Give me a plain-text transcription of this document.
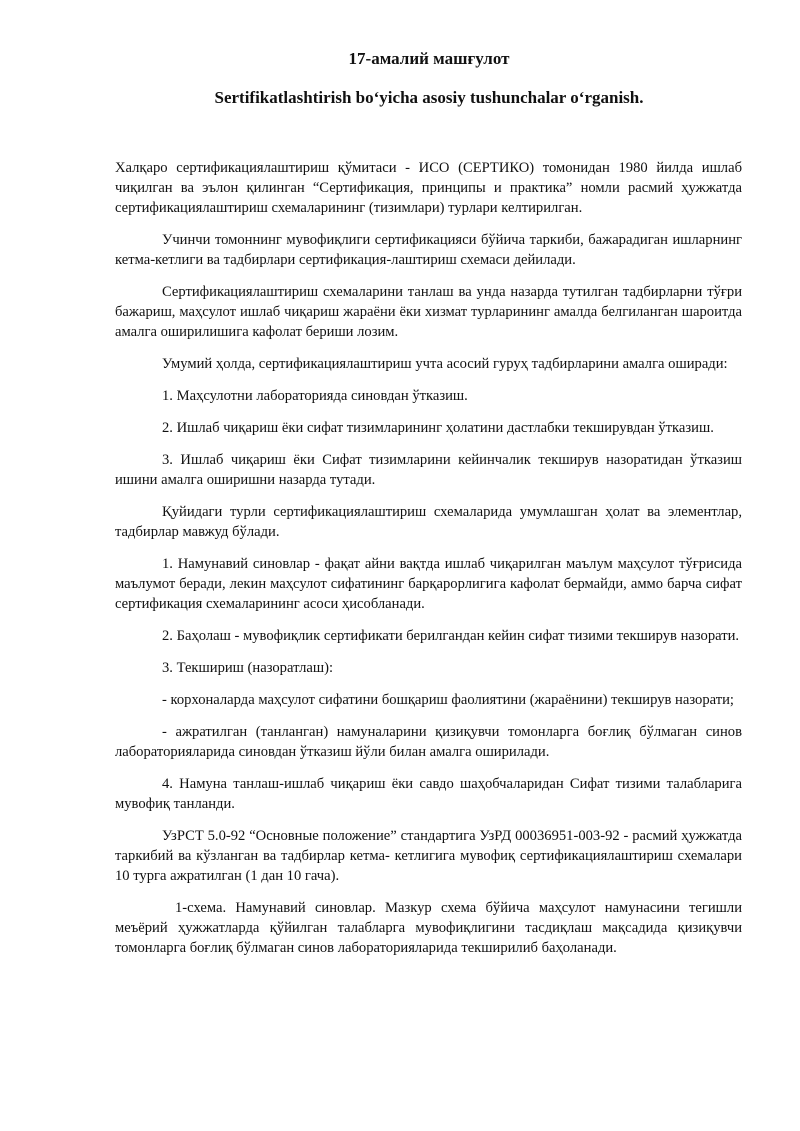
17-амалий машғулот
Sertifikatlashtirish boʻyicha asosiy tushunchalar oʻrganish.

Халқаро сертификациялаштириш қўмитаси - ИСО (СЕРТИКО) томонидан 1980 йилда ишлаб чиқилган ва эълон қилинган “Сертификация, принципы и практика” номли расмий ҳужжатда сертификациялаштириш схемаларининг (тизимлари) турлари келтирилган.

Учинчи томоннинг мувофиқлиги сертификацияси бўйича таркиби, бажарадиган ишларнинг кетма-кетлиги ва тадбирлари сертификация-лаштириш схемаси дейилади.

Сертификациялаштириш схемаларини танлаш ва унда назарда тутилган тадбирларни тўғри бажариш, маҳсулот ишлаб чиқариш жараёни ёки хизмат турларининг амалда белгиланган шароитда амалга оширилишига кафолат бериши лозим.

Умумий ҳолда, сертификациялаштириш учта асосий гуруҳ тадбирларини амалга оширади:

1. Маҳсулотни лабораторияда синовдан ўтказиш.

2. Ишлаб чиқариш ёки сифат тизимларининг ҳолатини дастлабки текширувдан ўтказиш.

3. Ишлаб чиқариш ёки Сифат тизимларини кейинчалик текширув назоратидан ўтказиш ишини амалга оширишни назарда тутади.

Қуйидаги турли сертификациялаштириш схемаларида умумлашган ҳолат ва элементлар, тадбирлар мавжуд бўлади.

1. Намунавий синовлар - фақат айни вақтда ишлаб чиқарилган маълум маҳсулот тўғрисида маълумот беради, лекин маҳсулот сифатининг барқарорлигига кафолат бермайди, аммо барча сифат сертификация схемаларининг асоси ҳисобланади.

2. Баҳолаш - мувофиқлик сертификати берилгандан кейин сифат тизими текширув назорати.

3. Текшириш (назоратлаш):

- корхоналарда маҳсулот сифатини бошқариш фаолиятини (жараёнини) текширув назорати;

- ажратилган (танланган) намуналарини қизиқувчи томонларга боғлиқ бўлмаган синов лабораторияларида синовдан ўтказиш йўли билан амалга оширилади.

4. Намуна танлаш-ишлаб чиқариш ёки савдо шаҳобчаларидан Сифат тизими талабларига мувофиқ танланди.

УзРСТ 5.0-92 “Основные положение” стандартига УзРД 00036951-003-92 - расмий ҳужжатда таркибий ва кўзланган ва тадбирлар кетма- кетлигига мувофиқ сертификациялаштириш схемалари 10 турга ажратилган (1 дан 10 гача).

1-схема. Намунавий синовлар. Мазкур схема бўйича маҳсулот намунасини тегишли меъёрий ҳужжатларда қўйилган талабларга мувофиқлигини тасдиқлаш мақсадида қизиқувчи томонларга боғлиқ бўлмаган синов лабораторияларида текширилиб баҳоланади.
